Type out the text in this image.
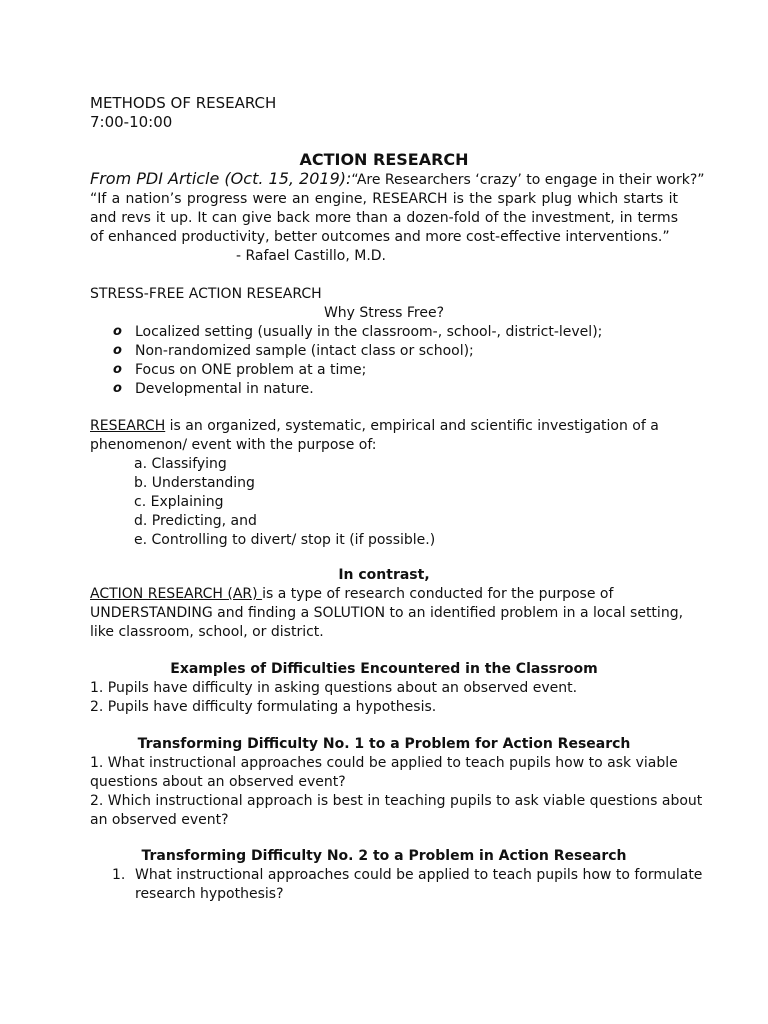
METHODS OF RESEARCH
7:00-10:00
ACTION RESEARCH
From PDI Article (Oct. 15, 2019):“Are Researchers ‘crazy’ to engage in their work?”
“If a nation’s progress were an engine, RESEARCH is the spark plug which starts it and revs it up. It can give back more than a dozen-fold of the investment, in terms of enhanced productivity, better outcomes and more cost-effective interventions.”
- Rafael Castillo, M.D.
STRESS-FREE ACTION RESEARCH
Why Stress Free?
o Localized setting (usually in the classroom-, school-, district-level);
o Non-randomized sample (intact class or school);
o Focus on ONE problem at a time;
o Developmental in nature.
RESEARCH is an organized, systematic, empirical and scientific investigation of a
phenomenon/ event with the purpose of:
a. Classifying
b. Understanding
c. Explaining
d. Predicting, and
e. Controlling to divert/ stop it (if possible.)
In contrast,
ACTION RESEARCH (AR) is a type of research conducted for the purpose of
UNDERSTANDING and finding a SOLUTION to an identified problem in a local setting,
like classroom, school, or district.
Examples of Difficulties Encountered in the Classroom
1. Pupils have difficulty in asking questions about an observed event.
2. Pupils have difficulty formulating a hypothesis.
Transforming Difficulty No. 1 to a Problem for Action Research
1. What instructional approaches could be applied to teach pupils how to ask viable
questions about an observed event?
2. Which instructional approach is best in teaching pupils to ask viable questions about
an observed event?
Transforming Difficulty No. 2 to a Problem in Action Research
1. What instructional approaches could be applied to teach pupils how to formulate
research hypothesis?
